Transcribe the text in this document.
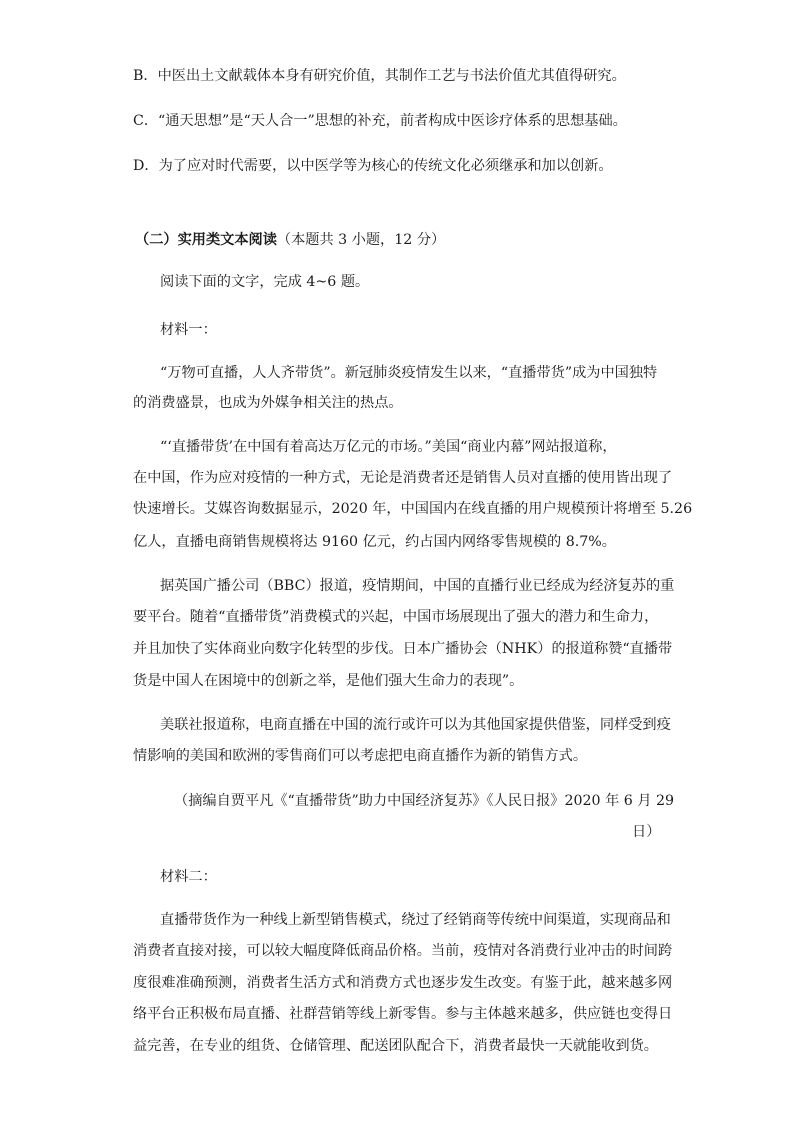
B．中医出土文献载体本身有研究价值，其制作工艺与书法价值尤其值得研究。
C．“通天思想”是“天人合一”思想的补充，前者构成中医诊疗体系的思想基础。
D．为了应对时代需要，以中医学等为核心的传统文化必须继承和加以创新。
（二）实用类文本阅读（本题共 3 小题，12 分）
阅读下面的文字，完成 4~6 题。
材料一：
“万物可直播，人人齐带货”。新冠肺炎疫情发生以来，“直播带货”成为中国独特
的消费盛景，也成为外媒争相关注的热点。
“‘直播带货’在中国有着高达万亿元的市场。”美国“商业内幕”网站报道称，
在中国，作为应对疫情的一种方式，无论是消费者还是销售人员对直播的使用皆出现了
快速增长。艾媒咨询数据显示，2020 年，中国国内在线直播的用户规模预计将增至 5.26
亿人，直播电商销售规模将达 9160 亿元，约占国内网络零售规模的 8.7%。
据英国广播公司（BBC）报道，疫情期间，中国的直播行业已经成为经济复苏的重
要平台。随着“直播带货”消费模式的兴起，中国市场展现出了强大的潜力和生命力，
并且加快了实体商业向数字化转型的步伐。日本广播协会（NHK）的报道称赞“直播带
货是中国人在困境中的创新之举，是他们强大生命力的表现”。
美联社报道称，电商直播在中国的流行或许可以为其他国家提供借鉴，同样受到疫
情影响的美国和欧洲的零售商们可以考虑把电商直播作为新的销售方式。
（摘编自贾平凡《“直播带货”助力中国经济复苏》《人民日报》2020 年 6 月 29
日）
材料二：
直播带货作为一种线上新型销售模式，绕过了经销商等传统中间渠道，实现商品和
消费者直接对接，可以较大幅度降低商品价格。当前，疫情对各消费行业冲击的时间跨
度很难准确预测，消费者生活方式和消费方式也逐步发生改变。有鉴于此，越来越多网
络平台正积极布局直播、社群营销等线上新零售。参与主体越来越多，供应链也变得日
益完善，在专业的组货、仓储管理、配送团队配合下，消费者最快一天就能收到货。
